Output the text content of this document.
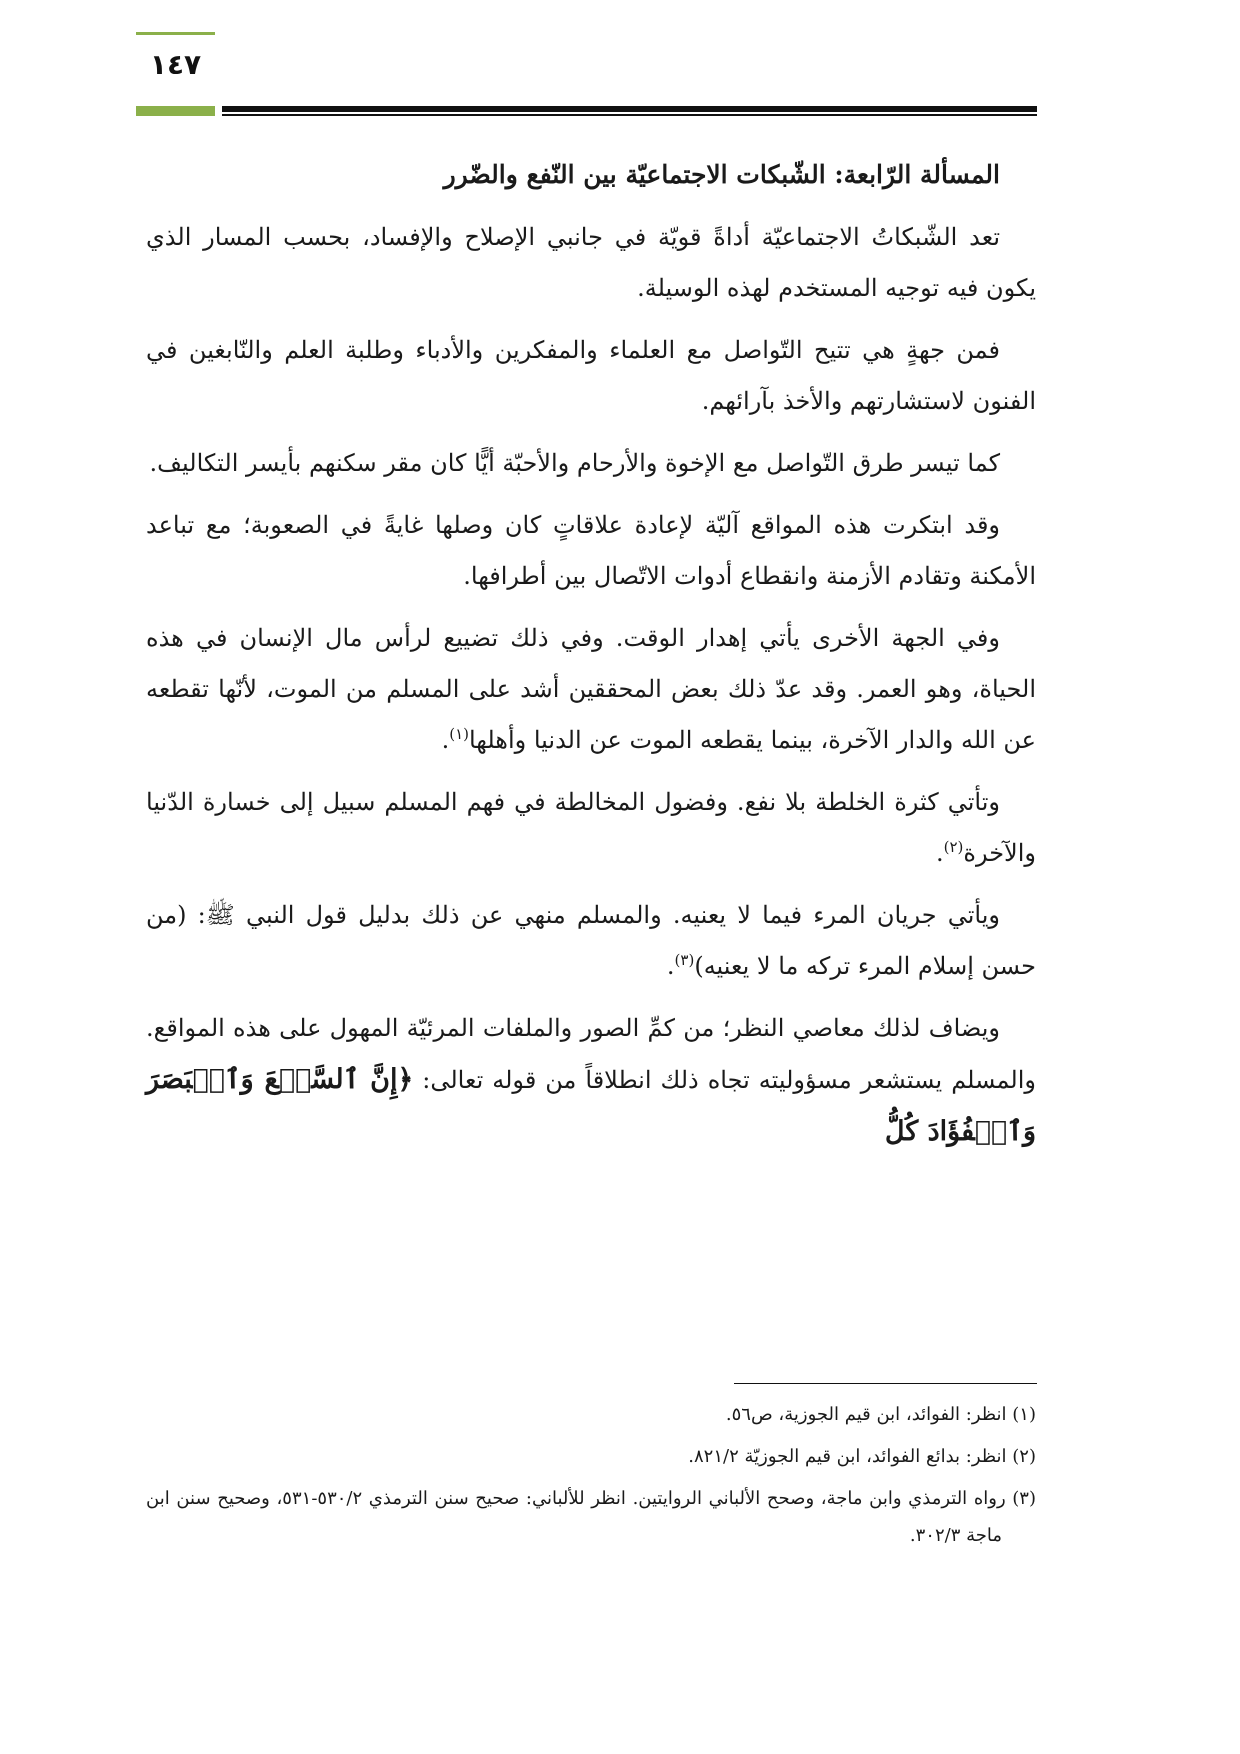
١٤٧
المسألة الرّابعة: الشّبكات الاجتماعيّة بين النّفع والضّرر

تعد الشّبكاتُ الاجتماعيّة أداةً قويّة في جانبي الإصلاح والإفساد، بحسب المسار الذي يكون فيه توجيه المستخدم لهذه الوسيلة.

فمن جهةٍ هي تتيح التّواصل مع العلماء والمفكرين والأدباء وطلبة العلم والنّابغين في الفنون لاستشارتهم والأخذ بآرائهم.

كما تيسر طرق التّواصل مع الإخوة والأرحام والأحبّة أيًّا كان مقر سكنهم بأيسر التكاليف.

وقد ابتكرت هذه المواقع آليّة لإعادة علاقاتٍ كان وصلها غايةً في الصعوبة؛ مع تباعد الأمكنة وتقادم الأزمنة وانقطاع أدوات الاتّصال بين أطرافها.

وفي الجهة الأخرى يأتي إهدار الوقت. وفي ذلك تضييع لرأس مال الإنسان في هذه الحياة، وهو العمر. وقد عدّ ذلك بعض المحققين أشد على المسلم من الموت، لأنّها تقطعه عن الله والدار الآخرة، بينما يقطعه الموت عن الدنيا وأهلها$^{(١)}$.

وتأتي كثرة الخلطة بلا نفع. وفضول المخالطة في فهم المسلم سبيل إلى خسارة الدّنيا والآخرة$^{(٢)}$.

ويأتي جريان المرء فيما لا يعنيه. والمسلم منهي عن ذلك بدليل قول النبي ﷺ: (من حسن إسلام المرء تركه ما لا يعنيه)$^{(٣)}$.

ويضاف لذلك معاصي النظر؛ من كمِّ الصور والملفات المرئيّة المهول على هذه المواقع. والمسلم يستشعر مسؤوليته تجاه ذلك انطلاقاً من قوله تعالى: ﴿إِنَّ ٱلسَّمۡعَ وَٱلۡبَصَرَ وَٱلۡفُؤَادَ كُلُّ

(١) انظر: الفوائد، ابن قيم الجوزية، ص٥٦.

(٢) انظر: بدائع الفوائد، ابن قيم الجوزيّة ٨٢١/٢.

(٣) رواه الترمذي وابن ماجة، وصحح الألباني الروايتين. انظر للألباني: صحيح سنن الترمذي ٥٣٠/٢-٥٣١، وصحيح سنن ابن ماجة ٣٠٢/٣.
